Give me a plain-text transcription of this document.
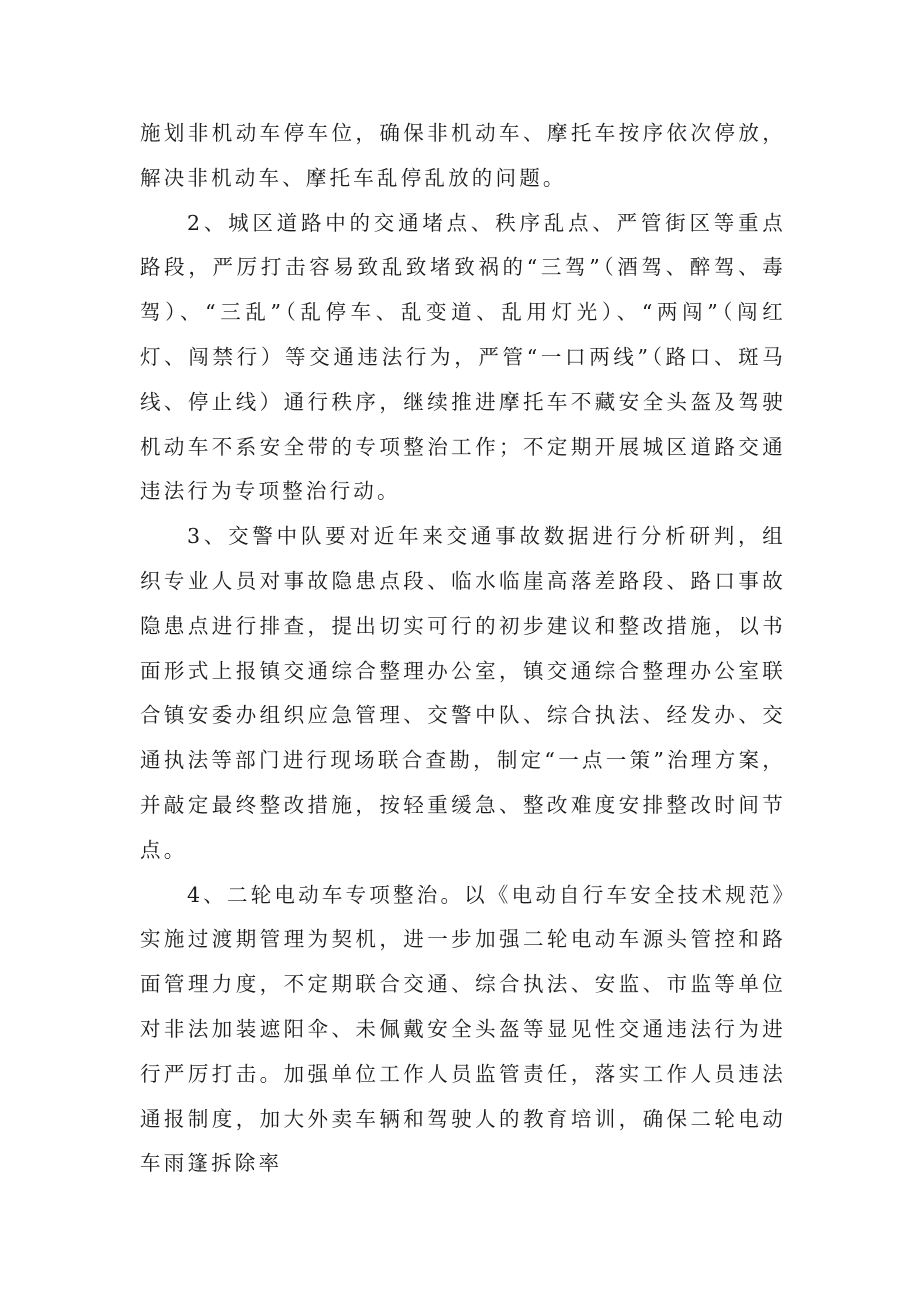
施划非机动车停车位，确保非机动车、摩托车按序依次停放，解决非机动车、摩托车乱停乱放的问题。

2、城区道路中的交通堵点、秩序乱点、严管街区等重点路段，严厉打击容易致乱致堵致祸的“三驾”（酒驾、醉驾、毒驾）、“三乱”（乱停车、乱变道、乱用灯光）、“两闯”（闯红灯、闯禁行）等交通违法行为，严管“一口两线”（路口、斑马线、停止线）通行秩序，继续推进摩托车不藏安全头盔及驾驶机动车不系安全带的专项整治工作；不定期开展城区道路交通违法行为专项整治行动。

3、交警中队要对近年来交通事故数据进行分析研判，组织专业人员对事故隐患点段、临水临崖高落差路段、路口事故隐患点进行排查，提出切实可行的初步建议和整改措施，以书面形式上报镇交通综合整理办公室，镇交通综合整理办公室联合镇安委办组织应急管理、交警中队、综合执法、经发办、交通执法等部门进行现场联合查勘，制定“一点一策”治理方案，并敲定最终整改措施，按轻重缓急、整改难度安排整改时间节点。

4、二轮电动车专项整治。以《电动自行车安全技术规范》实施过渡期管理为契机，进一步加强二轮电动车源头管控和路面管理力度，不定期联合交通、综合执法、安监、市监等单位对非法加装遮阳伞、未佩戴安全头盔等显见性交通违法行为进行严厉打击。加强单位工作人员监管责任，落实工作人员违法通报制度，加大外卖车辆和驾驶人的教育培训，确保二轮电动车雨篷拆除率
